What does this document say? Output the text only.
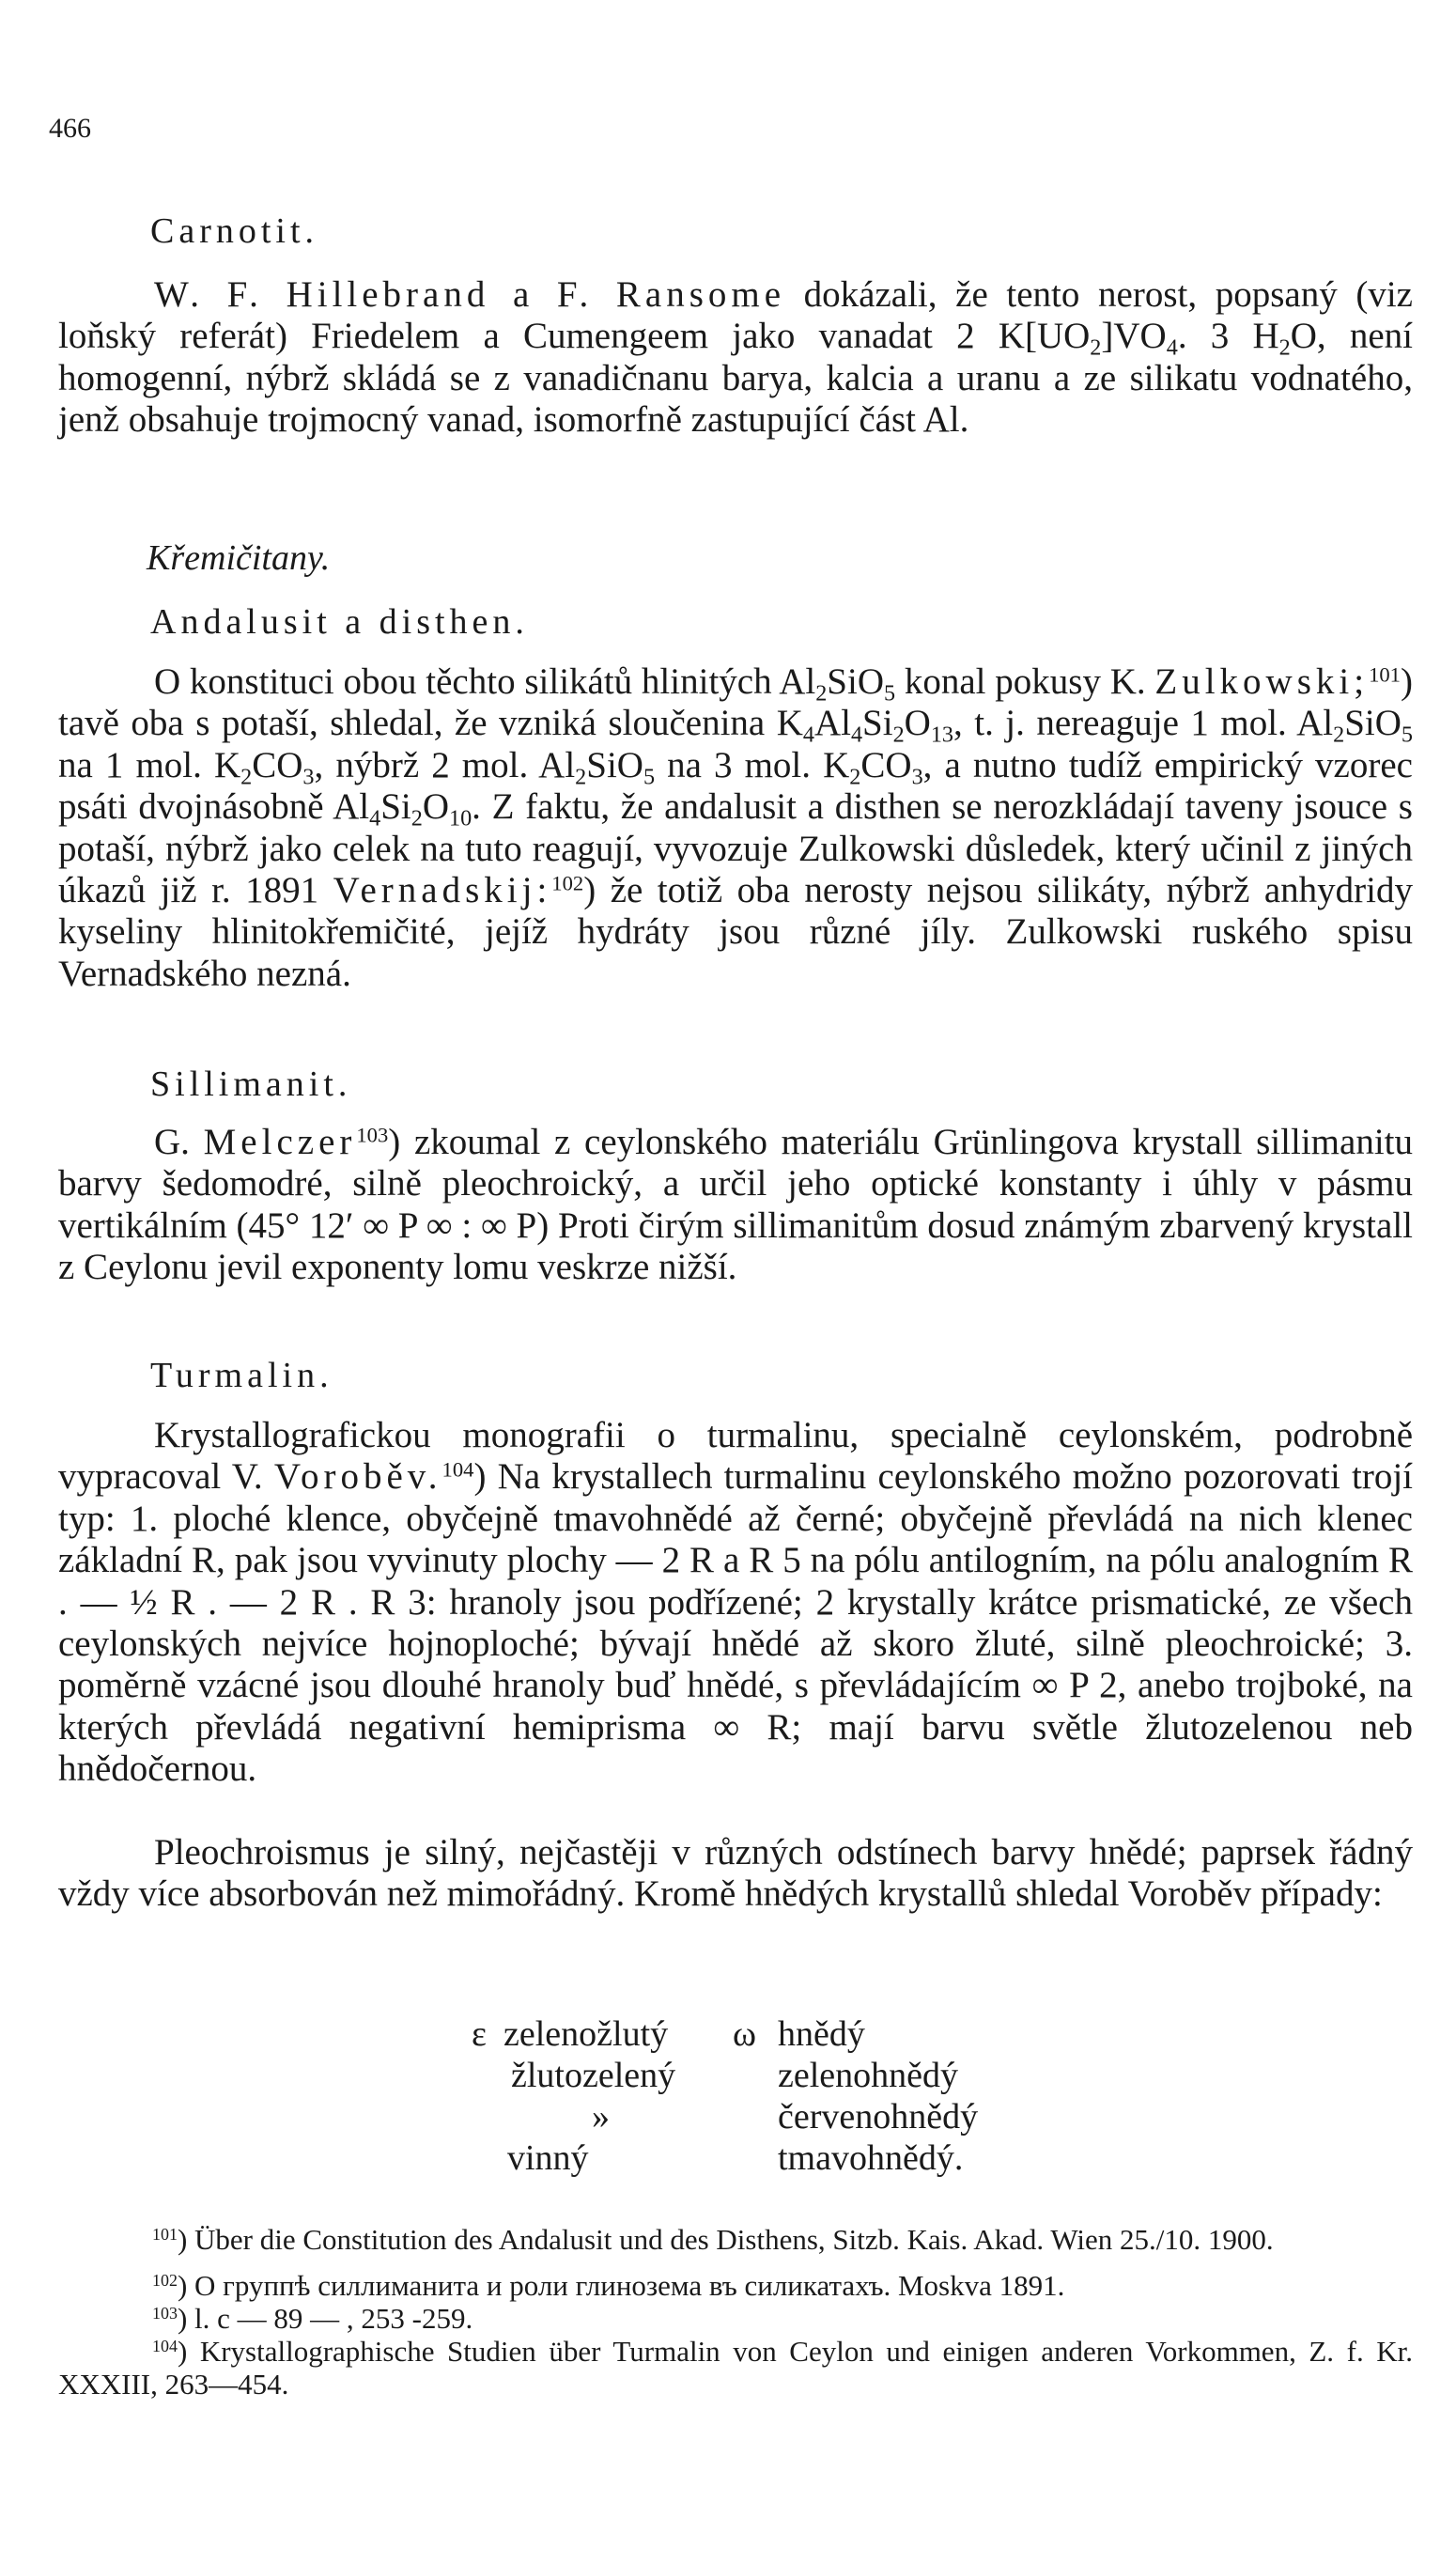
466
Carnotit.
W. F. Hillebrand a F. Ransome dokázali, že tento nerost, popsaný (viz loňský referát) Friedelem a Cumengeem jako vanadat 2 $K[UO_2]VO_4$. 3 $H_2O$, není homogenní, nýbrž skládá se z vanadičnanu barya, kalcia a uranu a ze silikatu vodnatého, jenž obsahuje trojmocný vanad, isomorfně zastupující část Al.
Křemičitany.
Andalusit a disthen.
O konstituci obou těchto silikátů hlinitých $Al_2SiO_5$ konal pokusy K. Zulkowski;$^{101}$) tavě oba s potaší, shledal, že vzniká sloučenina $K_4Al_4Si_2O_{13}$, t. j. nereaguje 1 mol. $Al_2SiO_5$ na 1 mol. $K_2CO_3$, nýbrž 2 mol. $Al_2SiO_5$ na 3 mol. $K_2CO_3$, a nutno tudíž empirický vzorec psáti dvojnásobně $Al_4Si_2O_{10}$. Z faktu, že andalusit a disthen se nerozkládají taveny jsouce s potaší, nýbrž jako celek na tuto reagují, vyvozuje Zulkowski důsledek, který učinil z jiných úkazů již r. 1891 Vernadskij:$^{102}$) že totiž oba nerosty nejsou silikáty, nýbrž anhydridy kyseliny hlinitokřemičité, jejíž hydráty jsou různé jíly. Zulkowski ruského spisu Vernadského nezná.
Sillimanit.
G. Melczer$^{103}$) zkoumal z ceylonského materiálu Grünlingova krystall sillimanitu barvy šedomodré, silně pleochroický, a určil jeho optické konstanty i úhly v pásmu vertikálním (45° 12′ ∞ P ∞ : ∞ P) Proti čirým sillimanitům dosud známým zbarvený krystall z Ceylonu jevil exponenty lomu veskrze nižší.
Turmalin.
Krystallografickou monografii o turmalinu, specialně ceylonském, podrobně vypracoval V. Voroběv.$^{104}$) Na krystallech turmalinu ceylonského možno pozorovati trojí typ: 1. ploché klence, obyčejně tmavohnědé až černé; obyčejně převládá na nich klenec základní R, pak jsou vyvinuty plochy — 2 R a R 5 na pólu antilogním, na pólu analogním R . — ½ R . — 2 R . R 3: hranoly jsou podřízené; 2 krystally krátce prismatické, ze všech ceylonských nejvíce hojnoploché; bývají hnědé až skoro žluté, silně pleochroické; 3. poměrně vzácné jsou dlouhé hranoly buď hnědé, s převládajícím ∞ P 2, anebo trojboké, na kterých převládá negativní hemiprisma ∞ R; mají barvu světle žlutozelenou neb hnědočernou.
Pleochroismus je silný, nejčastěji v různých odstínech barvy hnědé; paprsek řádný vždy více absorbován než mimořádný. Kromě hnědých krystallů shledal Voroběv případy:
ε	ω
zelenožlutý
žlutozelený
»
vinný
hnědý
zelenohnědý
červenohnědý
tmavohnědý.
$^{101}$) Über die Constitution des Andalusit und des Disthens, Sitzb. Kais. Akad. Wien 25./10. 1900.
$^{102}$) О группѣ силлиманита и роли глинозема въ силикатахъ. Moskva 1891.
$^{103}$) l. c — 89 — , 253 -259.
$^{104}$) Krystallographische Studien über Turmalin von Ceylon und einigen anderen Vorkommen, Z. f. Kr. XXXIII, 263—454.
